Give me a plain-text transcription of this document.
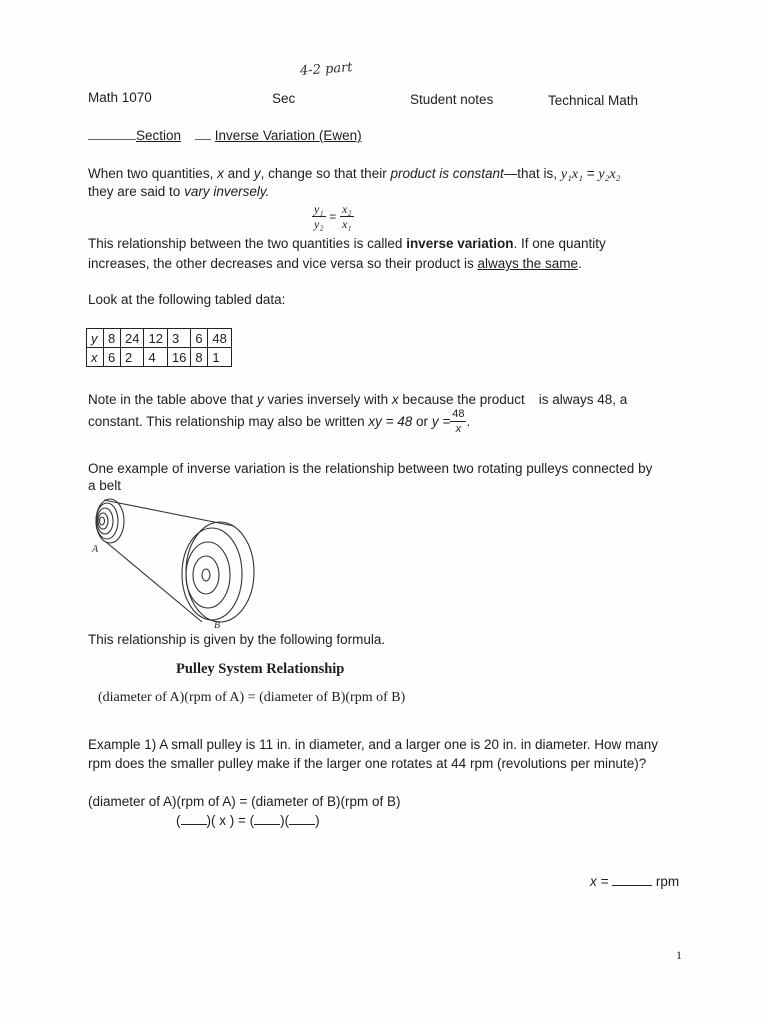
4-2 part
Math 1070	Sec	Student notes	Technical Math
Section	Inverse Variation (Ewen)
When two quantities, x and y, change so that their product is constant—that is, y₁x₁ = y₂x₂
they are said to vary inversely.
$\frac{\text{y₁}}{\text{y₂}} = \frac{\text{x₂}}{\text{x₁}}$
This relationship between the two quantities is called inverse variation. If one quantity
increases, the other decreases and vice versa so their product is always the same.
Look at the following tabled data:
y	8	24	12	3	6	48
x	6	2	4	16	8	1
Note in the table above that y varies inversely with x because the product is always 48, a
constant. This relationship may also be written xy = 48 or $y = \frac{48}{x}$ .
One example of inverse variation is the relationship between two rotating pulleys connected by
a belt
A
B
This relationship is given by the following formula.
Pulley System Relationship
(diameter of A)(rpm of A) = (diameter of B)(rpm of B)
Example 1) A small pulley is 11 in. in diameter, and a larger one is 20 in. in diameter. How many
rpm does the smaller pulley make if the larger one rotates at 44 rpm (revolutions per minute)?
(diameter of A)(rpm of A) = (diameter of B)(rpm of B)
( )( x ) = ( )( )
x =	rpm
1
